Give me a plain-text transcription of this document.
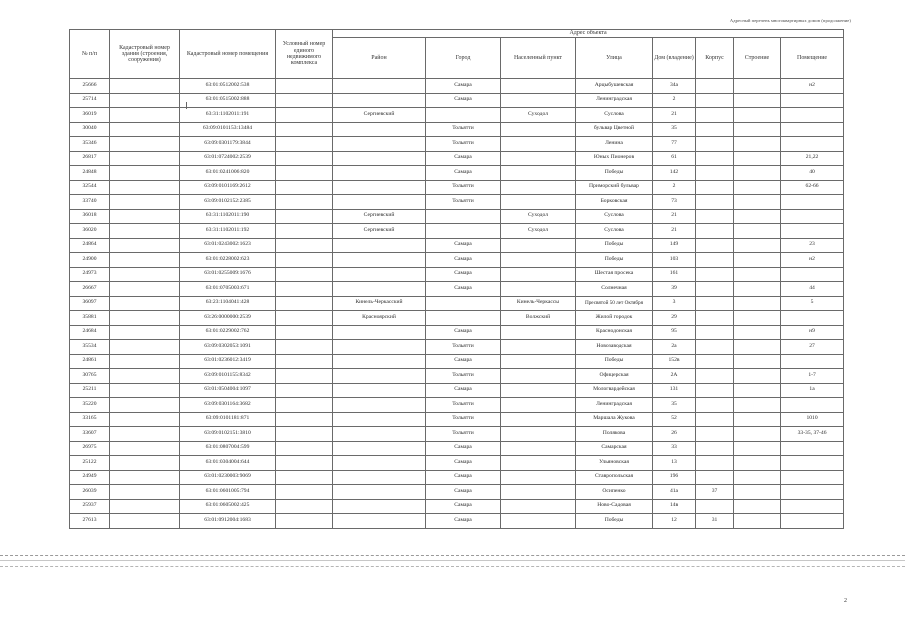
Адресный перечень многоквартирных домов (продолжение)
№ п/п	Кадастровый номер здания (строения, сооружения)	Кадастровый номер помещения	Условный номер единого недвижимого комплекса	Адрес объекта							
				Район	Город	Населенный пункт	Улица	Дом (владение)	Корпус	Строение	Помещение
25666		63:01:0512002:538			Самара		Арцыбушевская	34а			н2
25714		63:01:0515002:888			Самара		Ленинградская	2			
36019		63:31:1102011:191		Сергиевский		Суходол	Суслова	21			
30040		63:09:0101153:13484			Тольятти		бульвар Цветной	35			
35346		63:09:0301179:3844			Тольятти		Ленина	77			
26817		63:01:0724002:2539			Самара		Юных Пионеров	61			21,22
24848		63:01:0241006:820			Самара		Победы	142			40
32544		63:09:0101169:2612			Тольятти		Приморский бульвар	2			62-66
33740		63:09:0102152:2385			Тольятти		Борковская	73			
36018		63:31:1102011:190		Сергиевский		Суходол	Суслова	21			
36020		63:31:1102011:192		Сергиевский		Суходол	Суслова	21			
24864		63:01:0243002:1623			Самара		Победы	149			23
24900		63:01:0228002:623			Самара		Победы	103			н2
24973		63:01:0255009:1676			Самара		Шестая просека	161			
26667		63:01:0705003:671			Самара		Солнечная	39			44
36097		63:23:1104041:428		Кинель-Черкасский		Кинель-Черкассы	Пресвятой 50 лет Октября	3			5
35881		63:26:0000000:2539		Красноярский		Волжский	Жилой городок	29			
24684		63:01:0229002:762			Самара		Краснодонская	95			н9
35534		63:09:0302053:1091			Тольятти		Новозаводская	2а			27
24861		63:01:0236012:3419			Самара		Победы	152в			
30765		63:09:0101155:8342			Тольятти		Офицерская	2А			1-7
25211		63:01:0504004:1097			Самара		Мологвардейская	131			1а
35220		63:09:0301164:3682			Тольятти		Ленинградская	35			
33165		63:09:0101181:871			Тольятти		Маршала Жукова	52			1010
33607		63:09:0102151:3810			Тольятти		Полякова	26			33-35, 37-46
26975		63:01:0807004:599			Самара		Самарская	33			
25122		63:01:0304004:644			Самара		Ульяновская	13			
24949		63:01:0230003:9069			Самара		Ставропольская	196			
26039		63:01:0601005:794			Самара		Осипенко	41а	37		
25937		63:01:0605002:425			Самара		Ново-Садовая	14в			
27613		63:01:0912004:1683			Самара		Победы	12	31		
2
